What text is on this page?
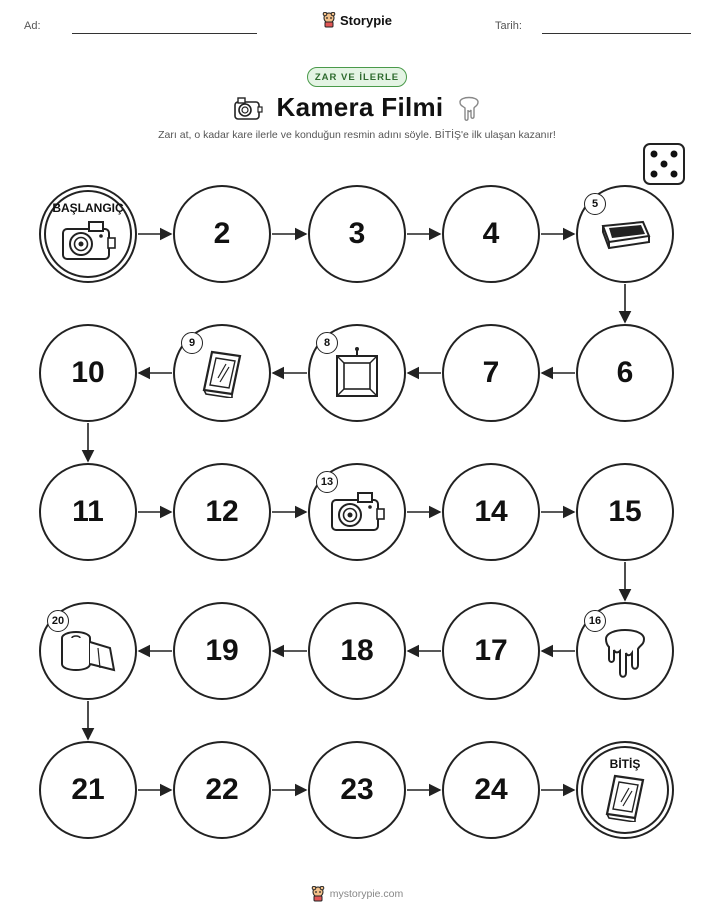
Ad:	Storypie	Tarih:
ZAR VE İLERLE
Kamera Filmi
Zarı at, o kadar kare ilerle ve konduğun resmin adını söyle. BİTİŞ'e ilk ulaşan kazanır!
BAŞLANGIÇ
2	3	4
5
6
7
8
9
10
11	12
13
14	15
16
17
18
19
20
21	22	23	24
BİTİŞ
mystorypie.com
